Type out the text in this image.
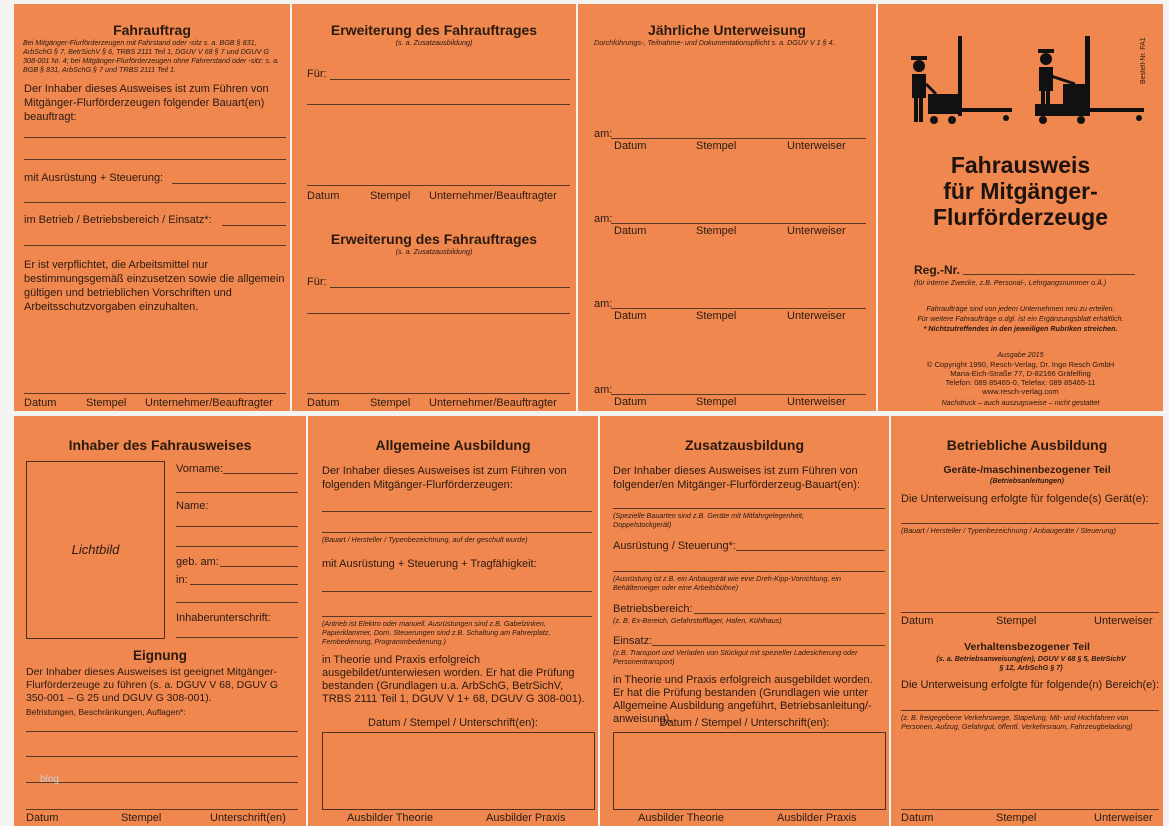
Fahrauftrag
Bei Mitgänger-Flurförderzeugen mit Fahrstand oder -sitz s. a. BGB § 831, ArbSchG § 7, BetrSichV § 6, TRBS 2111 Teil 1, DGUV V 68 § 7 und DGUV G 308-001 Nr. 4; bei Mitgänger-Flurförderzeugen ohne Fahrerstand oder -sitz: s. a. BGB § 831, ArbSchG § 7 und TRBS 2111 Teil 1.
Der Inhaber dieses Ausweises ist zum Führen von Mitgänger-Flurförderzeugen folgender Bauart(en) beauftragt:
mit Ausrüstung + Steuerung:
im Betrieb / Betriebsbereich / Einsatz*:
Er ist verpflichtet, die Arbeitsmittel nur bestimmungsgemäß einzusetzen sowie die allgemein gültigen und betrieblichen Vorschriften und Arbeitsschutzvorgaben einzuhalten.
Datum	Stempel Unternehmer/Beauftragter
Erweiterung des Fahrauftrages
(s. a. Zusatzausbildung)
Für:
Datum	Stempel Unternehmer/Beauftragter
Erweiterung des Fahrauftrages
(s. a. Zusatzausbildung)
Für:
Datum	Stempel Unternehmer/Beauftragter
Jährliche Unterweisung
Durchführungs-, Teilnahme- und Dokumentationspflicht s. a. DGUV V 1 § 4.
am:
Datum	Stempel	Unterweiser
am:
Datum	Stempel	Unterweiser
am:
Datum	Stempel	Unterweiser
am:
Datum	Stempel	Unterweiser
Bestell-Nr. FA1
Fahrausweis
für Mitgänger-
Flurförderzeuge
Reg.-Nr.
(für interne Zwecke, z.B. Personal-, Lehrgangsnummer o.Ä.)
Fahraufträge sind von jedem Unternehmen neu zu erteilen.
Für weitere Fahraufträge o.dgl. ist ein Ergänzungsblatt erhältlich.
* Nichtzutreffendes in den jeweiligen Rubriken streichen.
Ausgabe 2015
© Copyright 1990, Resch-Verlag, Dr. Ingo Resch GmbH
Maria-Eich-Straße 77, D-82166 Gräfelfing
Telefon: 089 85465-0, Telefax: 089 85465-11
www.resch-verlag.com
Nachdruck – auch auszugsweise – nicht gestattet
Inhaber des Fahrausweises
Lichtbild
Vorname:
Name:
geb. am:
in:
Inhaberunterschrift:
Eignung
Der Inhaber dieses Ausweises ist geeignet Mitgänger-Flurförderzeuge zu führen (s. a. DGUV V 68, DGUV G 350-001 – G 25 und DGUV G 308-001).
Befristungen, Beschränkungen, Auflagen*:
blog
Datum	Stempel	Unterschrift(en)
Allgemeine Ausbildung
Der Inhaber dieses Ausweises ist zum Führen von folgenden Mitgänger-Flurförderzeugen:
(Bauart / Hersteller / Typenbezeichnung, auf der geschult wurde)
mit Ausrüstung + Steuerung + Tragfähigkeit:
(Antrieb ist Elektro oder manuell. Ausrüstungen sind z.B. Gabelzinken, Papierklammer, Dorn. Steuerungen sind z.B. Schaltung am Fahrerplatz, Fernbedienung, Programmbedienung.)
in Theorie und Praxis erfolgreich ausgebildet/unterwiesen worden. Er hat die Prüfung bestanden (Grundlagen u.a. ArbSchG, BetrSichV, TRBS 2111 Teil 1, DGUV V 1+ 68, DGUV G 308-001).
Datum / Stempel / Unterschrift(en):
Ausbilder Theorie	Ausbilder Praxis
Zusatzausbildung
Der Inhaber dieses Ausweises ist zum Führen von folgender/en Mitgänger-Flurförderzeug-Bauart(en):
(Spezielle Bauarten sind z.B. Geräte mit Mitfahrgelegenheit, Doppelstockgerät)
Ausrüstung / Steuerung*:
(Ausrüstung ist z.B. ein Anbaugerät wie eine Dreh-Kipp-Vorrichtung, ein Behälterneiger oder eine Arbeitsbühne)
Betriebsbereich:
(z. B. Ex-Bereich, Gefahrstofflager, Hafen, Kühlhaus)
Einsatz:
(z.B. Transport und Verladen von Stückgut mit spezieller Ladesicherung oder Personentransport)
in Theorie und Praxis erfolgreich ausgebildet worden. Er hat die Prüfung bestanden (Grundlagen wie unter Allgemeine Ausbildung angeführt, Betriebsanleitung/-anweisung).
Datum / Stempel / Unterschrift(en):
Ausbilder Theorie	Ausbilder Praxis
Betriebliche Ausbildung
Geräte-/maschinenbezogener Teil
(Betriebsanleitungen)
Die Unterweisung erfolgte für folgende(s) Gerät(e):
(Bauart / Hersteller / Typenbezeichnung / Anbaugeräte / Steuerung)
Datum	Stempel	Unterweiser
Verhaltensbezogener Teil
(s. a. Betriebsanweisung(en), DGUV V 68 § 5, BetrSichV § 12, ArbSchG § 7)
Die Unterweisung erfolgte für folgende(n) Bereich(e):
(z. B. freigegebene Verkehrswege, Stapelung, Mit- und Hochfahren von Personen, Aufzug, Gefahrgut, öffentl. Verkehrsraum, Fahrzeugbeladung)
Datum	Stempel	Unterweiser
